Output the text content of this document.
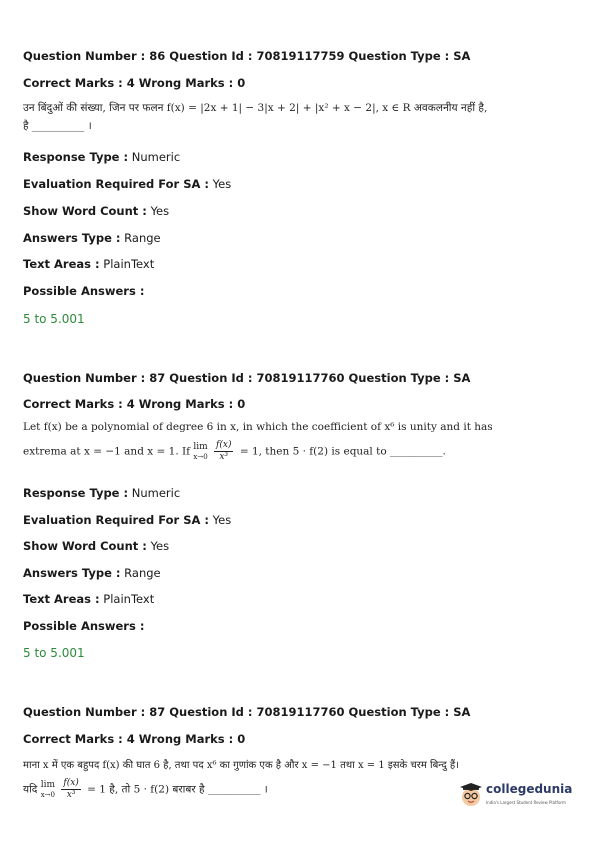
Question Number : 86 Question Id : 70819117759 Question Type : SA
Correct Marks : 4 Wrong Marks : 0
उन बिंदुओं की संख्या, जिन पर फलन f(x) = |2x + 1| − 3|x + 2| + |x² + x − 2|, x ∈ R अवकलनीय नहीं है,
है __________ ।
Response Type : Numeric
Evaluation Required For SA : Yes
Show Word Count : Yes
Answers Type : Range
Text Areas : PlainText
Possible Answers :
5 to 5.001
Question Number : 87 Question Id : 70819117760 Question Type : SA
Correct Marks : 4 Wrong Marks : 0
Let f(x) be a polynomial of degree 6 in x, in which the coefficient of x⁶ is unity and it has
extrema at x = −1 and x = 1. If lim
x→0
$\frac{f(x)}{\text{x³}} = 1$, then 5 · f(2) is equal to __________.
Response Type : Numeric
Evaluation Required For SA : Yes
Show Word Count : Yes
Answers Type : Range
Text Areas : PlainText
Possible Answers :
5 to 5.001
Question Number : 87 Question Id : 70819117760 Question Type : SA
Correct Marks : 4 Wrong Marks : 0
माना x में एक बहुपद f(x) की घात 6 है, तथा पद x⁶ का गुणांक एक है और x = −1 तथा x = 1 इसके चरम बिन्दु हैं।
यदि lim
x→0
$\frac{f(x)}{\text{x³}} = 1$ है, तो 5 · f(2) बराबर है __________ ।	collegedunia
India's Largest Student Review Platform
